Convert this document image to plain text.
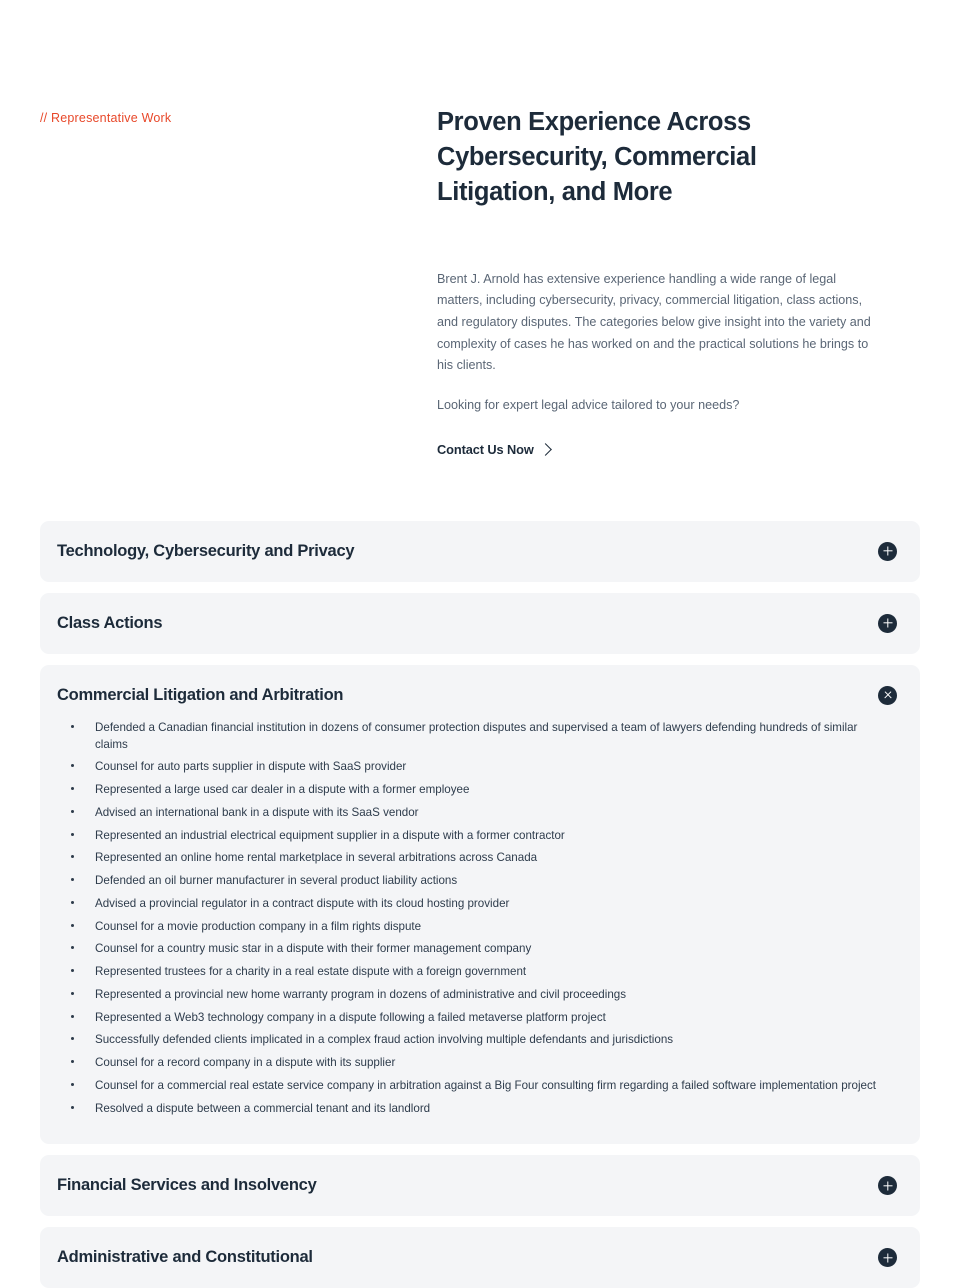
// Representative Work	Proven Experience Across Cybersecurity, Commercial Litigation, and More

Brent J. Arnold has extensive experience handling a wide range of legal matters, including cybersecurity, privacy, commercial litigation, class actions, and regulatory disputes. The categories below give insight into the variety and complexity of cases he has worked on and the practical solutions he brings to his clients.

Looking for expert legal advice tailored to your needs?

Contact Us Now
Technology, Cybersecurity and Privacy
Class Actions
Commercial Litigation and Arbitration
Defended a Canadian financial institution in dozens of consumer protection disputes and supervised a team of lawyers defending hundreds of similar claims
Counsel for auto parts supplier in dispute with SaaS provider
Represented a large used car dealer in a dispute with a former employee
Advised an international bank in a dispute with its SaaS vendor
Represented an industrial electrical equipment supplier in a dispute with a former contractor
Represented an online home rental marketplace in several arbitrations across Canada
Defended an oil burner manufacturer in several product liability actions
Advised a provincial regulator in a contract dispute with its cloud hosting provider
Counsel for a movie production company in a film rights dispute
Counsel for a country music star in a dispute with their former management company
Represented trustees for a charity in a real estate dispute with a foreign government
Represented a provincial new home warranty program in dozens of administrative and civil proceedings
Represented a Web3 technology company in a dispute following a failed metaverse platform project
Successfully defended clients implicated in a complex fraud action involving multiple defendants and jurisdictions
Counsel for a record company in a dispute with its supplier
Counsel for a commercial real estate service company in arbitration against a Big Four consulting firm regarding a failed software implementation project
Resolved a dispute between a commercial tenant and its landlord
Financial Services and Insolvency
Administrative and Constitutional
